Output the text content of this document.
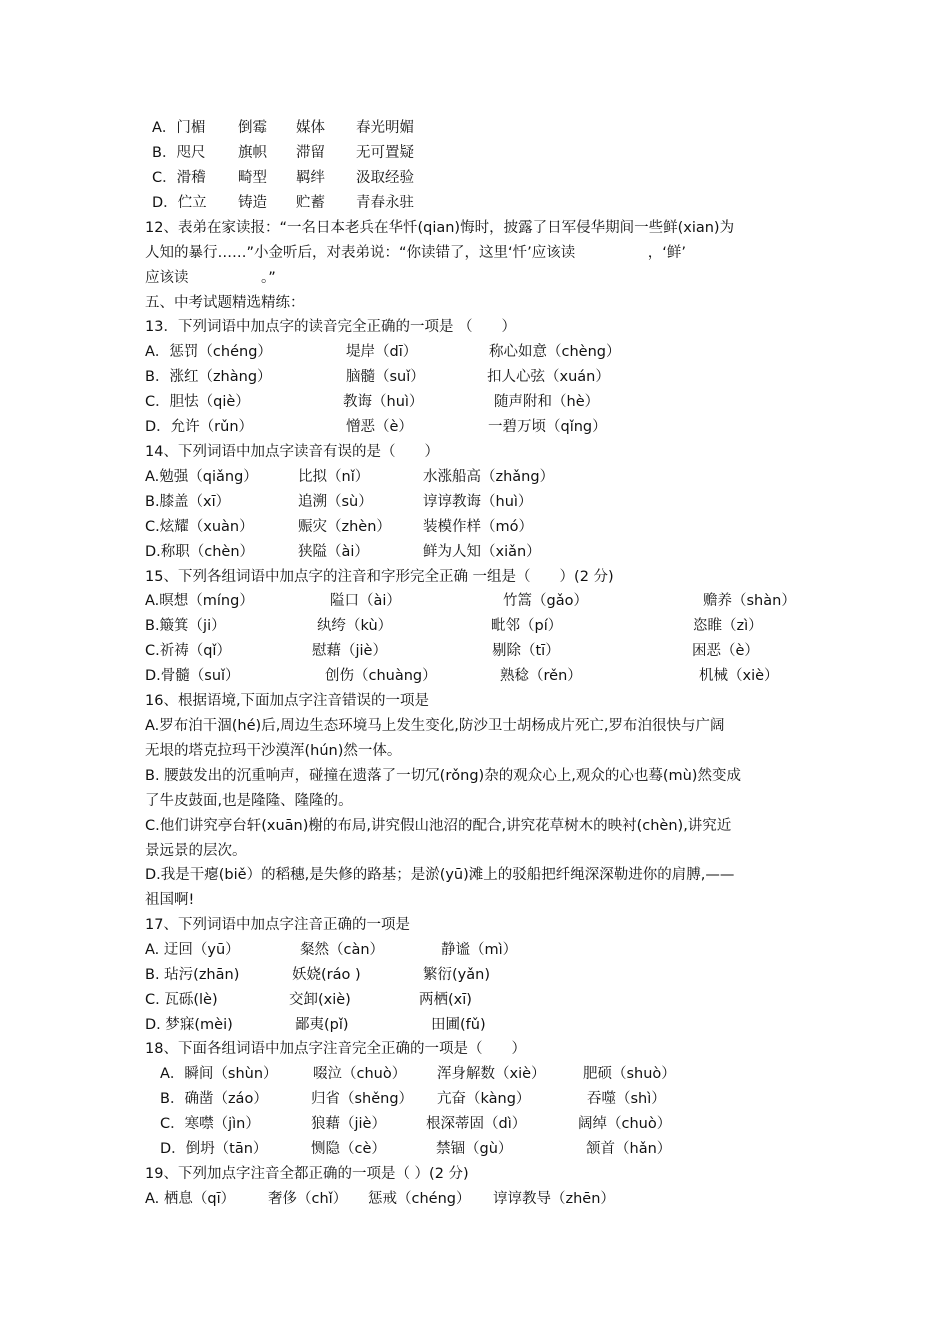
A．门楣 倒霉 媒体 春光明媚
B．咫尺 旗帜 滞留 无可置疑
C．滑稽 畸型 羁绊 汲取经验
D．伫立 铸造 贮蓄 青春永驻
12、表弟在家读报：“一名日本老兵在华忏(qian)悔时，披露了日军侵华期间一些鲜(xian)为
人知的暴行……”小金听后，对表弟说：“你读错了，这里‘忏’应该读　　　　　，‘鲜’
应该读　　　　　。”
五、中考试题精选精练：
13．下列词语中加点字的读音完全正确的一项是 （　　）
A．惩罚（chéng）	堤岸（dī）	称心如意（chèng）
B．涨红（zhàng）	脑髓（suǐ）	扣人心弦（xuán）
C．胆怯（qiè）	教诲（huì）	随声附和（hè）
D．允许（rǔn）	憎恶（è）	一碧万顷（qǐng）
14、下列词语中加点字读音有误的是（　　）
A.勉强（qiǎng）	比拟（nǐ）	水涨船高（zhǎng）
B.膝盖（xī）	追溯（sù）	谆谆教诲（huì）
C.炫耀（xuàn）	赈灾（zhèn） 装模作样（mó）
D.称职（chèn）	狭隘（ài）	鲜为人知（xiǎn）
15、下列各组词语中加点字的注音和字形完全正确 一组是（　　）(2 分)
A.暝想（míng）	隘口（ài）	竹篙（gǎo）	赡养（shàn）
B.簸箕（ji）	纨绔（kù）	毗邻（pí）	恣睢（zì）
C.祈祷（qǐ）	慰藉（jiè）	剔除（tī）	困恶（è）
D.骨髓（suǐ）	创伤（chuàng）	熟稔（rěn）	机械（xiè）
16、根据语境,下面加点字注音错误的一项是
A.罗布泊干涸(hé)后,周边生态环境马上发生变化,防沙卫士胡杨成片死亡,罗布泊很快与广阔
无垠的塔克拉玛干沙漠浑(hún)然一体。
B. 腰鼓发出的沉重响声，碰撞在遗落了一切冗(rǒng)杂的观众心上,观众的心也蓦(mù)然变成
了牛皮鼓面,也是隆隆、隆隆的。
C.他们讲究亭台轩(xuān)榭的布局,讲究假山池沼的配合,讲究花草树木的映衬(chèn),讲究近
景远景的层次。
D.我是干瘪(biě）的稻穗,是失修的路基；是淤(yū)滩上的驳船把纤绳深深勒进你的肩膊,——
祖国啊!
17、下列词语中加点字注音正确的一项是
A. 迂回（yū）	粲然（càn）	静谧（mì）
B. 玷污(zhān)	妖娆(ráo )	繁衍(yǎn)
C. 瓦砾(lè)	交卸(xiè)	两栖(xī)
D. 梦寐(mèi)	鄙夷(pǐ)	田圃(fǔ)
18、下面各组词语中加点字注音完全正确的一项是（　　）
A．瞬间（shùn） 啜泣（chuò） 浑身解数（xiè）	肥硕（shuò）
B．确凿（záo）	归省（shěng） 亢奋（kàng）	吞噬（shì）
C．寒噤（jìn）	狼藉（jiè）	根深蒂固（dì）	阔绰（chuò）
D．倒坍（tān）	恻隐（cè）	禁锢（gù）	颔首（hǎn）
19、下列加点字注音全都正确的一项是（ ）(2 分)
A. 栖息（qī） 奢侈（chǐ） 惩戒（chéng） 谆谆教导（zhēn）
